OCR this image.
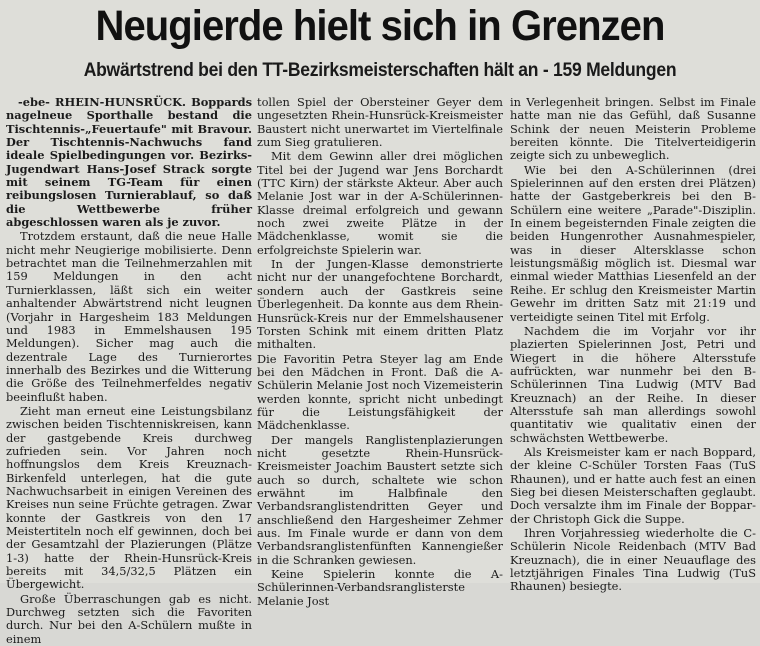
Neugierde hielt sich in Grenzen
Abwärtstrend bei den TT-Bezirksmeisterschaften hält an - 159 Meldungen

-ebe- RHEIN-HUNSRÜCK. Boppards nagelneue Sporthalle bestand die Tischtennis-„Feuertaufe" mit Bravour. Der Tischtennis-Nachwuchs fand ideale Spielbedingungen vor. Bezirks-Jugendwart Hans-Josef Strack sorgte mit seinem TG-Team für einen reibungslosen Turnierablauf, so daß die Wettbewerbe früher abgeschlossen waren als je zuvor.

Trotzdem erstaunt, daß die neue Halle nicht mehr Neugierige mobilisierte. Denn betrachtet man die Teilnehmerzahlen mit 159 Meldungen in den acht Turnierklassen, läßt sich ein weiter anhaltender Abwärtstrend nicht leugnen (Vorjahr in Hargesheim 183 Meldungen und 1983 in Emmelshausen 195 Meldungen). Sicher mag auch die dezentrale Lage des Turnierortes innerhalb des Bezirkes und die Witterung die Größe des Teilnehmerfeldes negativ beeinflußt haben.

Zieht man erneut eine Leistungsbilanz zwischen beiden Tischtenniskreisen, kann der gastgebende Kreis durchweg zufrieden sein. Vor Jahren noch hoffnungslos dem Kreis Kreuznach-Birkenfeld unterlegen, hat die gute Nachwuchsarbeit in einigen Vereinen des Kreises nun seine Früchte getragen. Zwar konnte der Gastkreis von den 17 Meistertiteln noch elf gewinnen, doch bei der Gesamtzahl der Plazierungen (Plätze 1-3) hatte der Rhein-Hunsrück-Kreis bereits mit 34,5/32,5 Plätzen ein Übergewicht.

Große Überraschungen gab es nicht. Durchweg setzten sich die Favoriten durch. Nur bei den A-Schülern mußte in einem

tollen Spiel der Obersteiner Geyer dem ungesetzten Rhein-Hunsrück-Kreismeister Baustert nicht unerwartet im Viertelfinale zum Sieg gratulieren.

Mit dem Gewinn aller drei möglichen Titel bei der Jugend war Jens Borchardt (TTC Kirn) der stärkste Akteur. Aber auch Melanie Jost war in der A-Schülerinnen-Klasse dreimal erfolgreich und gewann noch zwei zweite Plätze in der Mädchenklasse, womit sie die erfolgreichste Spielerin war.

In der Jungen-Klasse demonstrierte nicht nur der unangefochtene Borchardt, sondern auch der Gastkreis seine Überlegenheit. Da konnte aus dem Rhein-Hunsrück-Kreis nur der Emmelshausener Torsten Schink mit einem dritten Platz mithalten.

Die Favoritin Petra Steyer lag am Ende bei den Mädchen in Front. Daß die A-Schülerin Melanie Jost noch Vizemeisterin werden konnte, spricht nicht unbedingt für die Leistungsfähigkeit der Mädchenklasse.

Der mangels Ranglistenplazierungen nicht gesetzte Rhein-Hunsrück-Kreismeister Joachim Baustert setzte sich auch so durch, schaltete wie schon erwähnt im Halbfinale den Verbandsranglistendritten Geyer und anschließend den Hargesheimer Zehmer aus. Im Finale wurde er dann von dem Verbandsranglistenfünften Kannengießer in die Schranken gewiesen.

Keine Spielerin konnte die A-Schülerinnen-Verbandsranglisterste Melanie Jost

in Verlegenheit bringen. Selbst im Finale hatte man nie das Gefühl, daß Susanne Schink der neuen Meisterin Probleme bereiten könnte. Die Titelverteidigerin zeigte sich zu unbeweglich.

Wie bei den A-Schülerinnen (drei Spielerinnen auf den ersten drei Plätzen) hatte der Gastgeberkreis bei den B-Schülern eine weitere „Parade"-Disziplin. In einem begeisternden Finale zeigten die beiden Hungenrother Ausnahmespieler, was in dieser Altersklasse schon leistungsmäßig möglich ist. Diesmal war einmal wieder Matthias Liesenfeld an der Reihe. Er schlug den Kreismeister Martin Gewehr im dritten Satz mit 21:19 und verteidigte seinen Titel mit Erfolg.

Nachdem die im Vorjahr vor ihr plazierten Spielerinnen Jost, Petri und Wiegert in die höhere Altersstufe aufrückten, war nunmehr bei den B-Schülerinnen Tina Ludwig (MTV Bad Kreuznach) an der Reihe. In dieser Altersstufe sah man allerdings sowohl quantitativ wie qualitativ einen der schwächsten Wettbewerbe.

Als Kreismeister kam er nach Boppard, der kleine C-Schüler Torsten Faas (TuS Rhaunen), und er hatte auch fest an einen Sieg bei diesen Meisterschaften geglaubt. Doch versalzte ihm im Finale der Bopparder Christoph Gick die Suppe.

Ihren Vorjahressieg wiederholte die C-Schülerin Nicole Reidenbach (MTV Bad Kreuznach), die in einer Neuauflage des letztjährigen Finales Tina Ludwig (TuS Rhaunen) besiegte.
